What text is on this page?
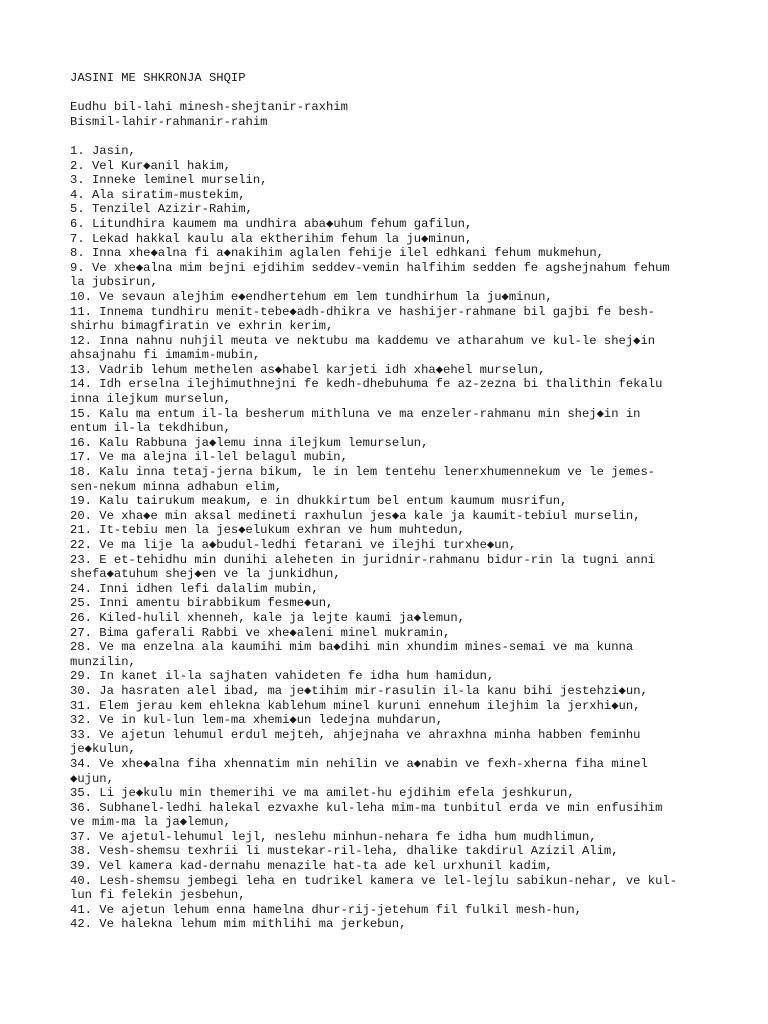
JASINI ME SHKRONJA SHQIP
Eudhu bil-lahi minesh-shejtanir-raxhim
Bismil-lahir-rahmanir-rahim
1. Jasin,
2. Vel Kur◆anil hakim,
3. Inneke leminel murselin,
4. Ala siratim-mustekim,
5. Tenzilel Azizir-Rahim,
6. Litundhira kaumem ma undhira aba◆uhum fehum gafilun,
7. Lekad hakkal kaulu ala ektherihim fehum la ju◆minun,
8. Inna xhe◆alna fi a◆nakihim aglalen fehije ilel edhkani fehum mukmehun,
9. Ve xhe◆alna mim bejni ejdihim seddev-vemin halfihim sedden fe agshejnahum fehum
la jubsirun,
10. Ve sevaun alejhim e◆endhertehum em lem tundhirhum la ju◆minun,
11. Innema tundhiru menit-tebe◆adh-dhikra ve hashijer-rahmane bil gajbi fe besh-
shirhu bimagfiratin ve exhrin kerim,
12. Inna nahnu nuhjil meuta ve nektubu ma kaddemu ve atharahum ve kul-le shej◆in
ahsajnahu fi imamim-mubin,
13. Vadrib lehum methelen as◆habel karjeti idh xha◆ehel murselun,
14. Idh erselna ilejhimuthnejni fe kedh-dhebuhuma fe az-zezna bi thalithin fekalu
inna ilejkum murselun,
15. Kalu ma entum il-la besherum mithluna ve ma enzeler-rahmanu min shej◆in in
entum il-la tekdhibun,
16. Kalu Rabbuna ja◆lemu inna ilejkum lemurselun,
17. Ve ma alejna il-lel belagul mubin,
18. Kalu inna tetaj-jerna bikum, le in lem tentehu lenerxhumennekum ve le jemes-
sen-nekum minna adhabun elim,
19. Kalu tairukum meakum, e in dhukkirtum bel entum kaumum musrifun,
20. Ve xha◆e min aksal medineti raxhulun jes◆a kale ja kaumit-tebiul murselin,
21. It-tebiu men la jes◆elukum exhran ve hum muhtedun,
22. Ve ma lije la a◆budul-ledhi fetarani ve ilejhi turxhe◆un,
23. E et-tehidhu min dunihi aleheten in juridnir-rahmanu bidur-rin la tugni anni
shefa◆atuhum shej◆en ve la junkidhun,
24. Inni idhen lefi dalalim mubin,
25. Inni amentu birabbikum fesme◆un,
26. Kiled-hulil xhenneh, kale ja lejte kaumi ja◆lemun,
27. Bima gaferali Rabbi ve xhe◆aleni minel mukramin,
28. Ve ma enzelna ala kaumihi mim ba◆dihi min xhundim mines-semai ve ma kunna
munzilin,
29. In kanet il-la sajhaten vahideten fe idha hum hamidun,
30. Ja hasraten alel ibad, ma je◆tihim mir-rasulin il-la kanu bihi jestehzi◆un,
31. Elem jerau kem ehlekna kablehum minel kuruni ennehum ilejhim la jerxhi◆un,
32. Ve in kul-lun lem-ma xhemi◆un ledejna muhdarun,
33. Ve ajetun lehumul erdul mejteh, ahjejnaha ve ahraxhna minha habben feminhu
je◆kulun,
34. Ve xhe◆alna fiha xhennatim min nehilin ve a◆nabin ve fexh-xherna fiha minel
◆ujun,
35. Li je◆kulu min themerihi ve ma amilet-hu ejdihim efela jeshkurun,
36. Subhanel-ledhi halekal ezvaxhe kul-leha mim-ma tunbitul erda ve min enfusihim
ve mim-ma la ja◆lemun,
37. Ve ajetul-lehumul lejl, neslehu minhun-nehara fe idha hum mudhlimun,
38. Vesh-shemsu texhrii li mustekar-ril-leha, dhalike takdirul Azizil Alim,
39. Vel kamera kad-dernahu menazile hat-ta ade kel urxhunil kadim,
40. Lesh-shemsu jembegi leha en tudrikel kamera ve lel-lejlu sabikun-nehar, ve kul-
lun fi felekin jesbehun,
41. Ve ajetun lehum enna hamelna dhur-rij-jetehum fil fulkil mesh-hun,
42. Ve halekna lehum mim mithlihi ma jerkebun,
